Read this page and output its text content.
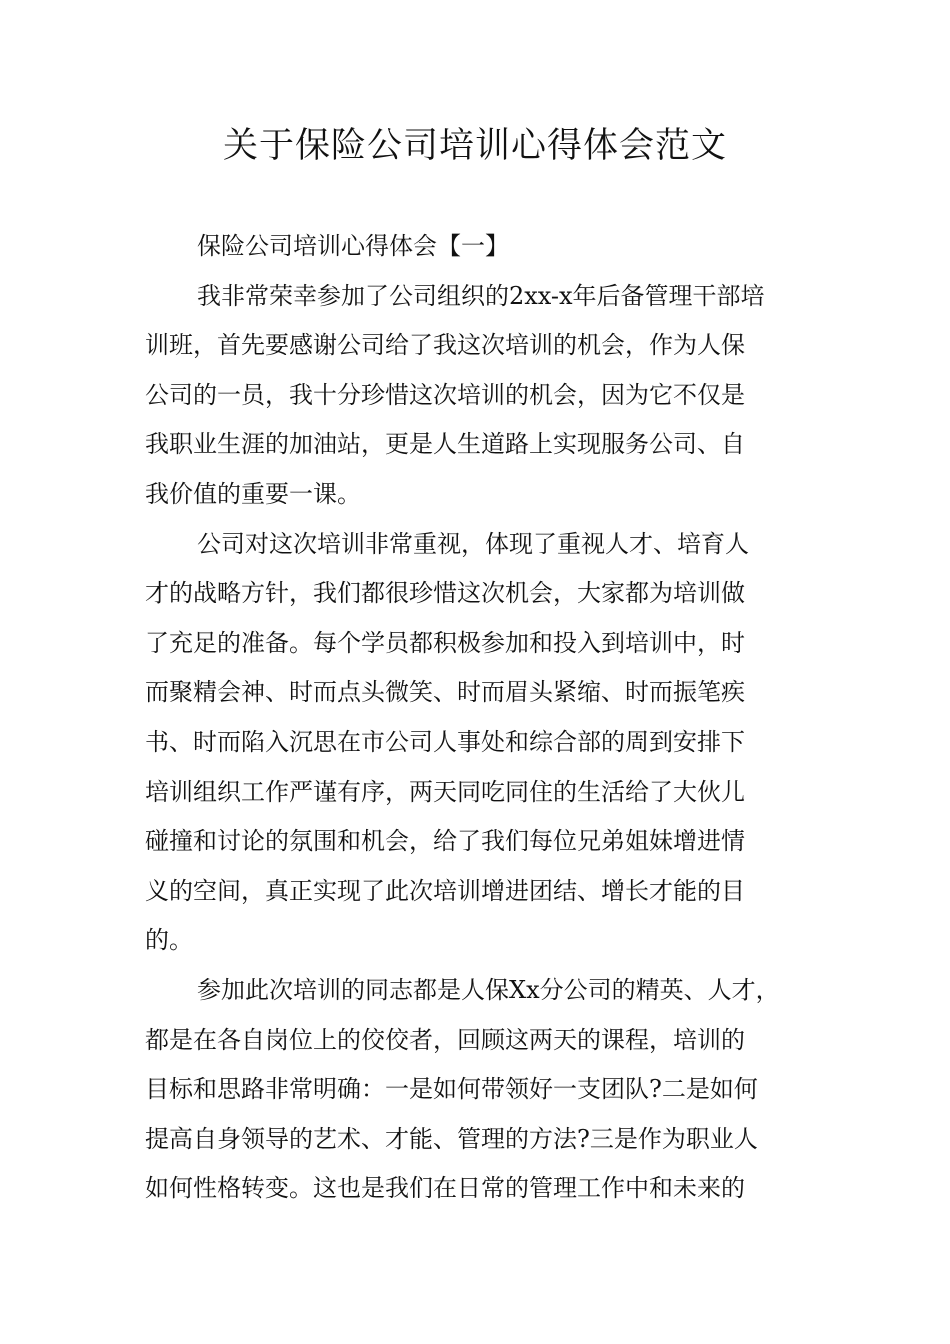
关于保险公司培训心得体会范文
保险公司培训心得体会【一】
我非常荣幸参加了公司组织的2xx-x年后备管理干部培
训班，首先要感谢公司给了我这次培训的机会，作为人保
公司的一员，我十分珍惜这次培训的机会，因为它不仅是
我职业生涯的加油站，更是人生道路上实现服务公司、自
我价值的重要一课。
公司对这次培训非常重视，体现了重视人才、培育人
才的战略方针，我们都很珍惜这次机会，大家都为培训做
了充足的准备。每个学员都积极参加和投入到培训中，时
而聚精会神、时而点头微笑、时而眉头紧缩、时而振笔疾
书、时而陷入沉思在市公司人事处和综合部的周到安排下
培训组织工作严谨有序，两天同吃同住的生活给了大伙儿
碰撞和讨论的氛围和机会，给了我们每位兄弟姐妹增进情
义的空间，真正实现了此次培训增进团结、增长才能的目
的。
参加此次培训的同志都是人保Xx分公司的精英、人才，
都是在各自岗位上的佼佼者，回顾这两天的课程，培训的
目标和思路非常明确：一是如何带领好一支团队?二是如何
提高自身领导的艺术、才能、管理的方法?三是作为职业人
如何性格转变。这也是我们在日常的管理工作中和未来的
